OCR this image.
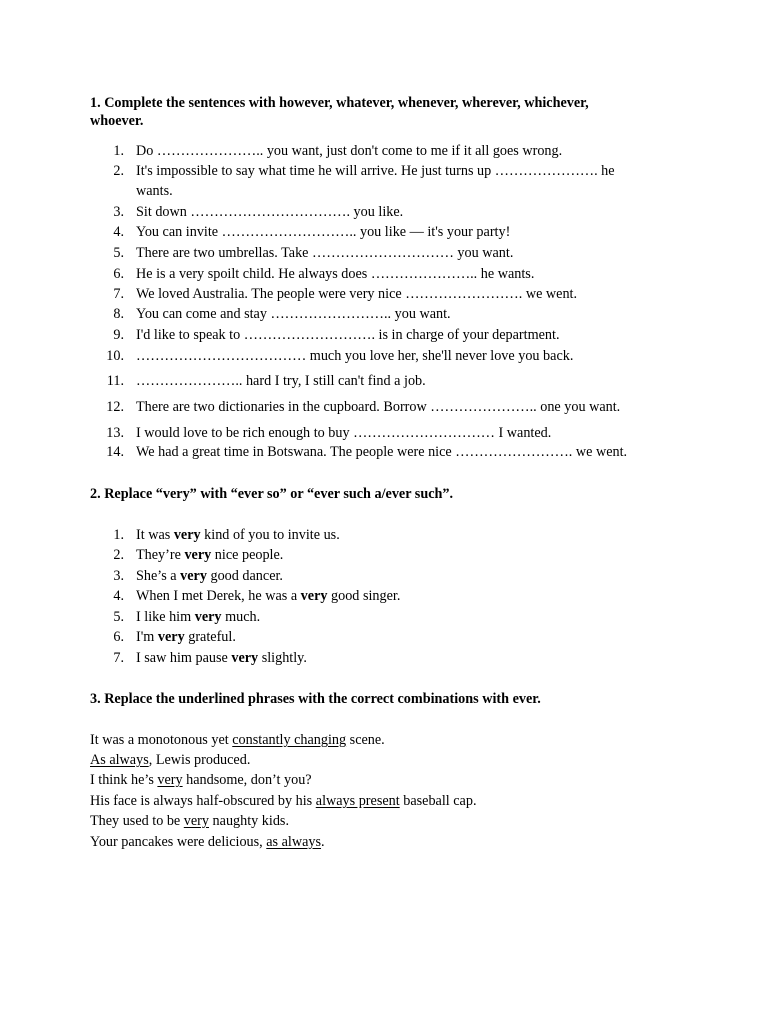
1. Complete the sentences with however, whatever, whenever, wherever, whichever,
whoever.
1. Do ………………….. you want, just don't come to me if it all goes wrong.
2. It's impossible to say what time he will arrive. He just turns up …………………. he
wants.
3. Sit down ……………………………. you like.
4. You can invite ……………………….. you like — it's your party!
5. There are two umbrellas. Take ………………………… you want.
6. He is a very spoilt child. He always does ………………….. he wants.
7. We loved Australia. The people were very nice ……………………. we went.
8. You can come and stay …………………….. you want.
9. I'd like to speak to ………………………. is in charge of your department.
10. ……………………………… much you love her, she'll never love you back.
11. ………………….. hard I try, I still can't find a job.
12. There are two dictionaries in the cupboard. Borrow ………………….. one you want.
13. I would love to be rich enough to buy ………………………… I wanted.
14. We had a great time in Botswana. The people were nice ……………………. we went.
2. Replace “very” with “ever so” or “ever such a/ever such”.
1. It was very kind of you to invite us.
2. They’re very nice people.
3. She’s a very good dancer.
4. When I met Derek, he was a very good singer.
5. I like him very much.
6. I'm very grateful.
7. I saw him pause very slightly.
3. Replace the underlined phrases with the correct combinations with ever.
It was a monotonous yet constantly changing scene.
As always, Lewis produced.
I think he’s very handsome, don’t you?
His face is always half-obscured by his always present baseball cap.
They used to be very naughty kids.
Your pancakes were delicious, as always.
